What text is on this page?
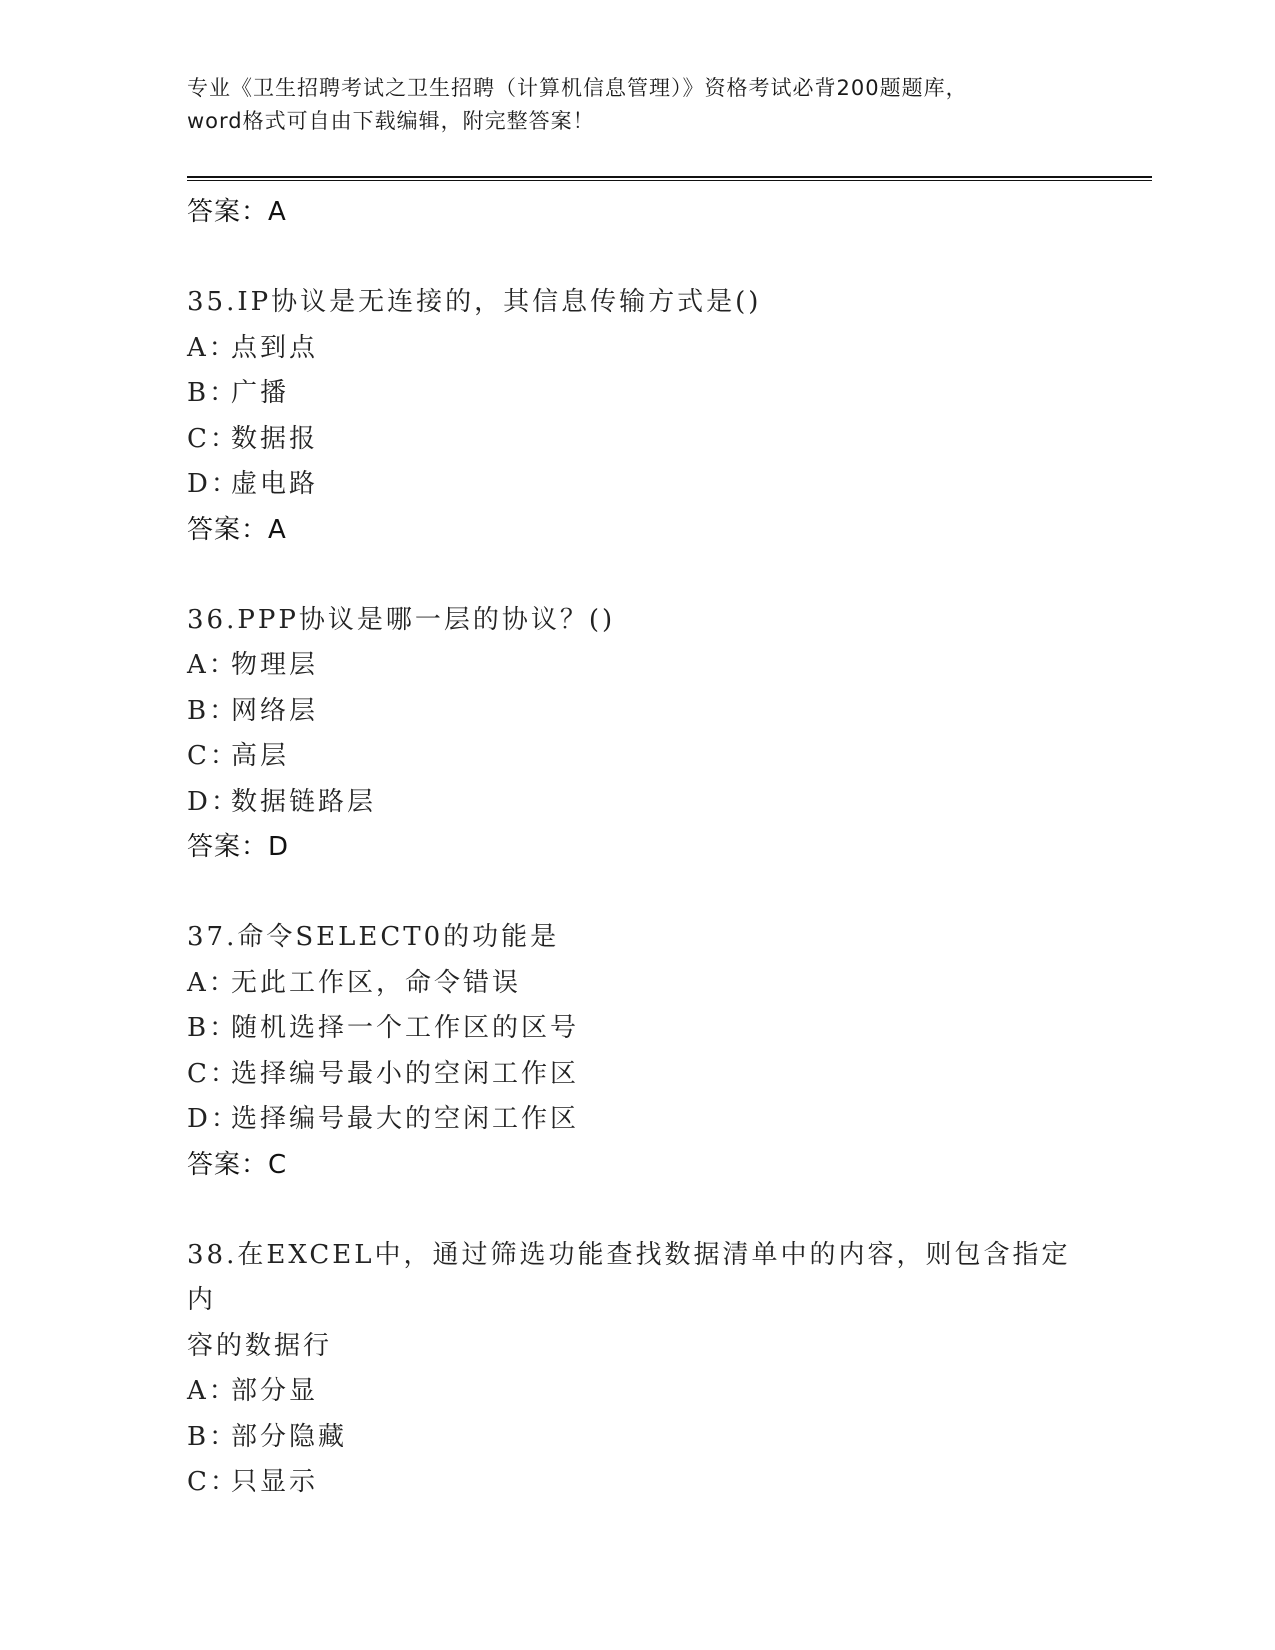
专业《卫生招聘考试之卫生招聘（计算机信息管理）》资格考试必背200题题库，
word格式可自由下载编辑，附完整答案！
答案：A
35.IP协议是无连接的，其信息传输方式是()
A：点到点
B：广播
C：数据报
D：虚电路
答案：A
36.PPP协议是哪一层的协议？()
A：物理层
B：网络层
C：高层
D：数据链路层
答案：D
37.命令SELECT0的功能是
A：无此工作区，命令错误
B：随机选择一个工作区的区号
C：选择编号最小的空闲工作区
D：选择编号最大的空闲工作区
答案：C
38.在EXCEL中，通过筛选功能查找数据清单中的内容，则包含指定内
容的数据行
A：部分显
B：部分隐藏
C：只显示
